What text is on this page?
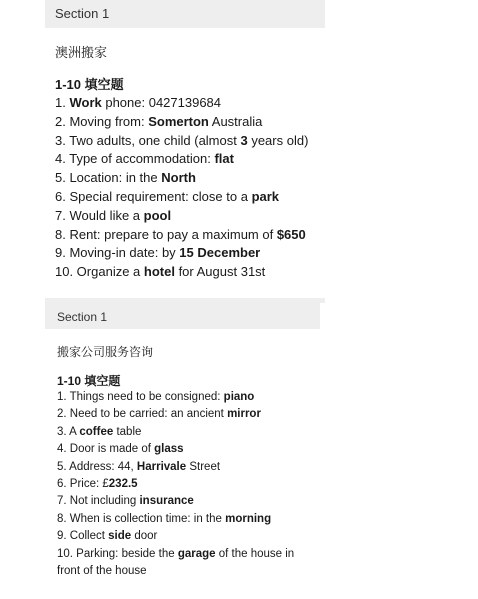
Section 1
澳洲搬家
1-10 填空题
1. Work phone: 0427139684
2. Moving from: Somerton Australia
3. Two adults, one child (almost 3 years old)
4. Type of accommodation: flat
5. Location: in the North
6. Special requirement: close to a park
7. Would like a pool
8. Rent: prepare to pay a maximum of $650
9. Moving-in date: by 15 December
10. Organize a hotel for August 31st
Section 1
搬家公司服务咨询
1-10 填空题
1. Things need to be consigned: piano
2. Need to be carried: an ancient mirror
3. A coffee table
4. Door is made of glass
5. Address: 44, Harrivale Street
6. Price: £232.5
7. Not including insurance
8. When is collection time: in the morning
9. Collect side door
10. Parking: beside the garage of the house in front of the house
